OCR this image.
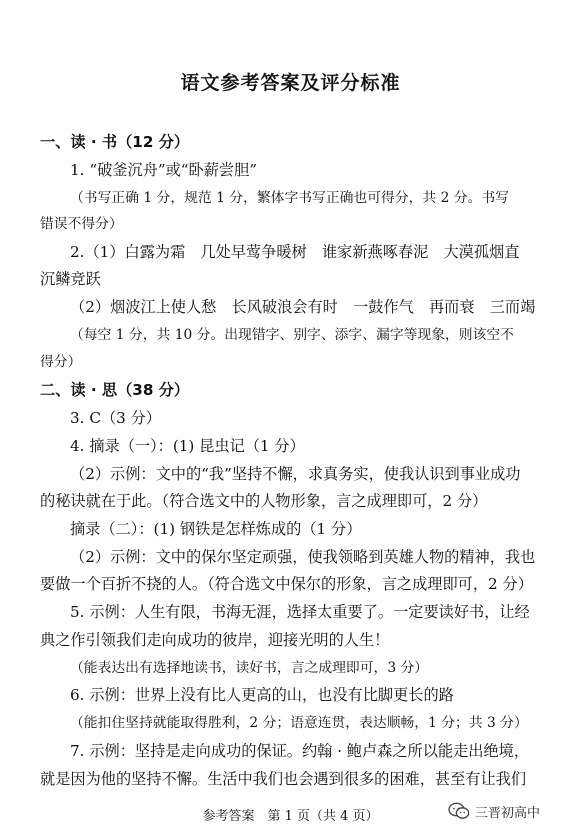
语文参考答案及评分标准
一、读 · 书（12 分）
1. “破釜沉舟”或“卧薪尝胆”
（书写正确 1 分，规范 1 分，繁体字书写正确也可得分，共 2 分。书写
错误不得分）
2.（1）白露为霜　几处早莺争暖树　谁家新燕啄春泥　大漠孤烟直
沉鳞竞跃
（2）烟波江上使人愁　长风破浪会有时　一鼓作气　再而衰　三而竭
（每空 1 分，共 10 分。出现错字、别字、添字、漏字等现象，则该空不
得分）
二、读 · 思（38 分）
3. C（3 分）
4. 摘录（一）：(1) 昆虫记（1 分）
（2）示例：文中的“我”坚持不懈，求真务实，使我认识到事业成功
的秘诀就在于此。（符合选文中的人物形象，言之成理即可，2 分）
摘录（二）：(1) 钢铁是怎样炼成的（1 分）
（2）示例：文中的保尔坚定顽强，使我领略到英雄人物的精神，我也
要做一个百折不挠的人。（符合选文中保尔的形象，言之成理即可，2 分）
5. 示例：人生有限，书海无涯，选择太重要了。一定要读好书，让经
典之作引领我们走向成功的彼岸，迎接光明的人生！
（能表达出有选择地读书，读好书，言之成理即可，3 分）
6. 示例：世界上没有比人更高的山，也没有比脚更长的路
（能扣住坚持就能取得胜利，2 分；语意连贯，表达顺畅，1 分；共 3 分）
7. 示例：坚持是走向成功的保证。约翰 · 鲍卢森之所以能走出绝境，
就是因为他的坚持不懈。生活中我们也会遇到很多的困难，甚至有让我们
参考答案　第 1 页（共 4 页）	三晋初高中
